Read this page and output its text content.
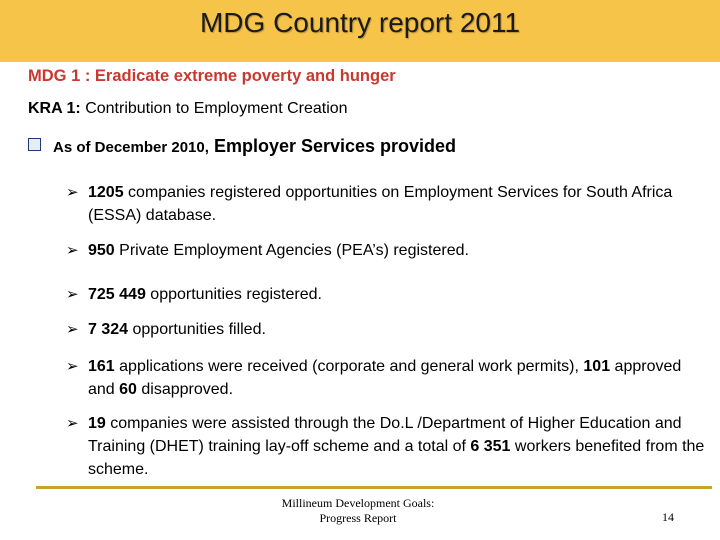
MDG Country report 2011
MDG 1 : Eradicate extreme poverty and hunger
KRA 1: Contribution to Employment Creation
As of December 2010, Employer Services provided
➢ 1205 companies registered opportunities on Employment Services for South Africa (ESSA) database.
➢ 950 Private Employment Agencies (PEA’s) registered.
➢ 725 449 opportunities registered.
➢ 7 324 opportunities filled.
➢ 161 applications were received (corporate and general work permits), 101 approved and 60 disapproved.
➢ 19 companies were assisted through the Do.L /Department of Higher Education and Training (DHET) training lay-off scheme and a total of 6 351 workers benefited from the scheme.
Millineum Development Goals:
Progress Report	14
